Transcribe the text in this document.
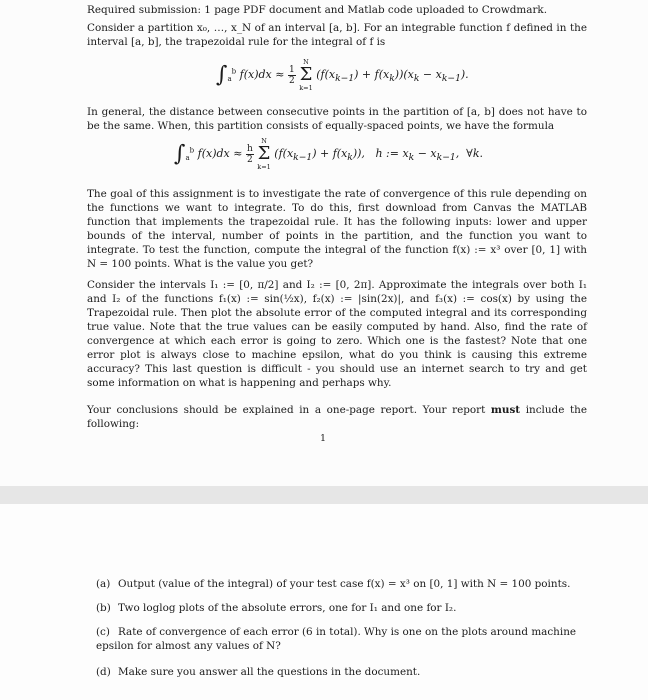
Required submission: 1 page PDF document and Matlab code uploaded to Crowdmark.

Consider a partition x₀, …, x_N of an interval [a, b]. For an integrable function f defined in the interval [a, b], the trapezoidal rule for the integral of f is

$\int_a^b$ $f(x)dx \approx \frac{1}{2}$

N
Σ
k=1
$(f(x_{k-1}) + f(x_k))(x_k - x_{k-1})$.

In general, the distance between consecutive points in the partition of [a, b] does not have to be the same. When, this partition consists of equally-spaced points, we have the formula

$\int_a^b$ $f(x)dx \approx \frac{h}{2}$

N
Σ
k=1
$(f(x_{k-1}) + f(x_k))$, h := $x_k - x_{k-1}$,  ∀k.

The goal of this assignment is to investigate the rate of convergence of this rule depending on the functions we want to integrate. To do this, first download from Canvas the MATLAB function that implements the trapezoidal rule. It has the following inputs: lower and upper bounds of the interval, number of points in the partition, and the function you want to integrate. To test the function, compute the integral of the function f(x) := x³ over [0, 1] with N = 100 points. What is the value you get?

Consider the intervals I₁ := [0, π/2] and I₂ := [0, 2π]. Approximate the integrals over both I₁ and I₂ of the functions f₁(x) := sin(½x), f₂(x) := |sin(2x)|, and f₃(x) := cos(x) by using the Trapezoidal rule. Then plot the absolute error of the computed integral and its corresponding true value. Note that the true values can be easily computed by hand. Also, find the rate of convergence at which each error is going to zero. Which one is the fastest? Note that one error plot is always close to machine epsilon, what do you think is causing this extreme accuracy? This last question is difficult - you should use an internet search to try and get some information on what is happening and perhaps why.

Your conclusions should be explained in a one-page report. Your report must include the following:

1

(a) Output (value of the integral) of your test case f(x) = x³ on [0, 1] with N = 100 points.

(b) Two loglog plots of the absolute errors, one for I₁ and one for I₂.

(c) Rate of convergence of each error (6 in total). Why is one on the plots around machine epsilon for almost any values of N?

(d) Make sure you answer all the questions in the document.
